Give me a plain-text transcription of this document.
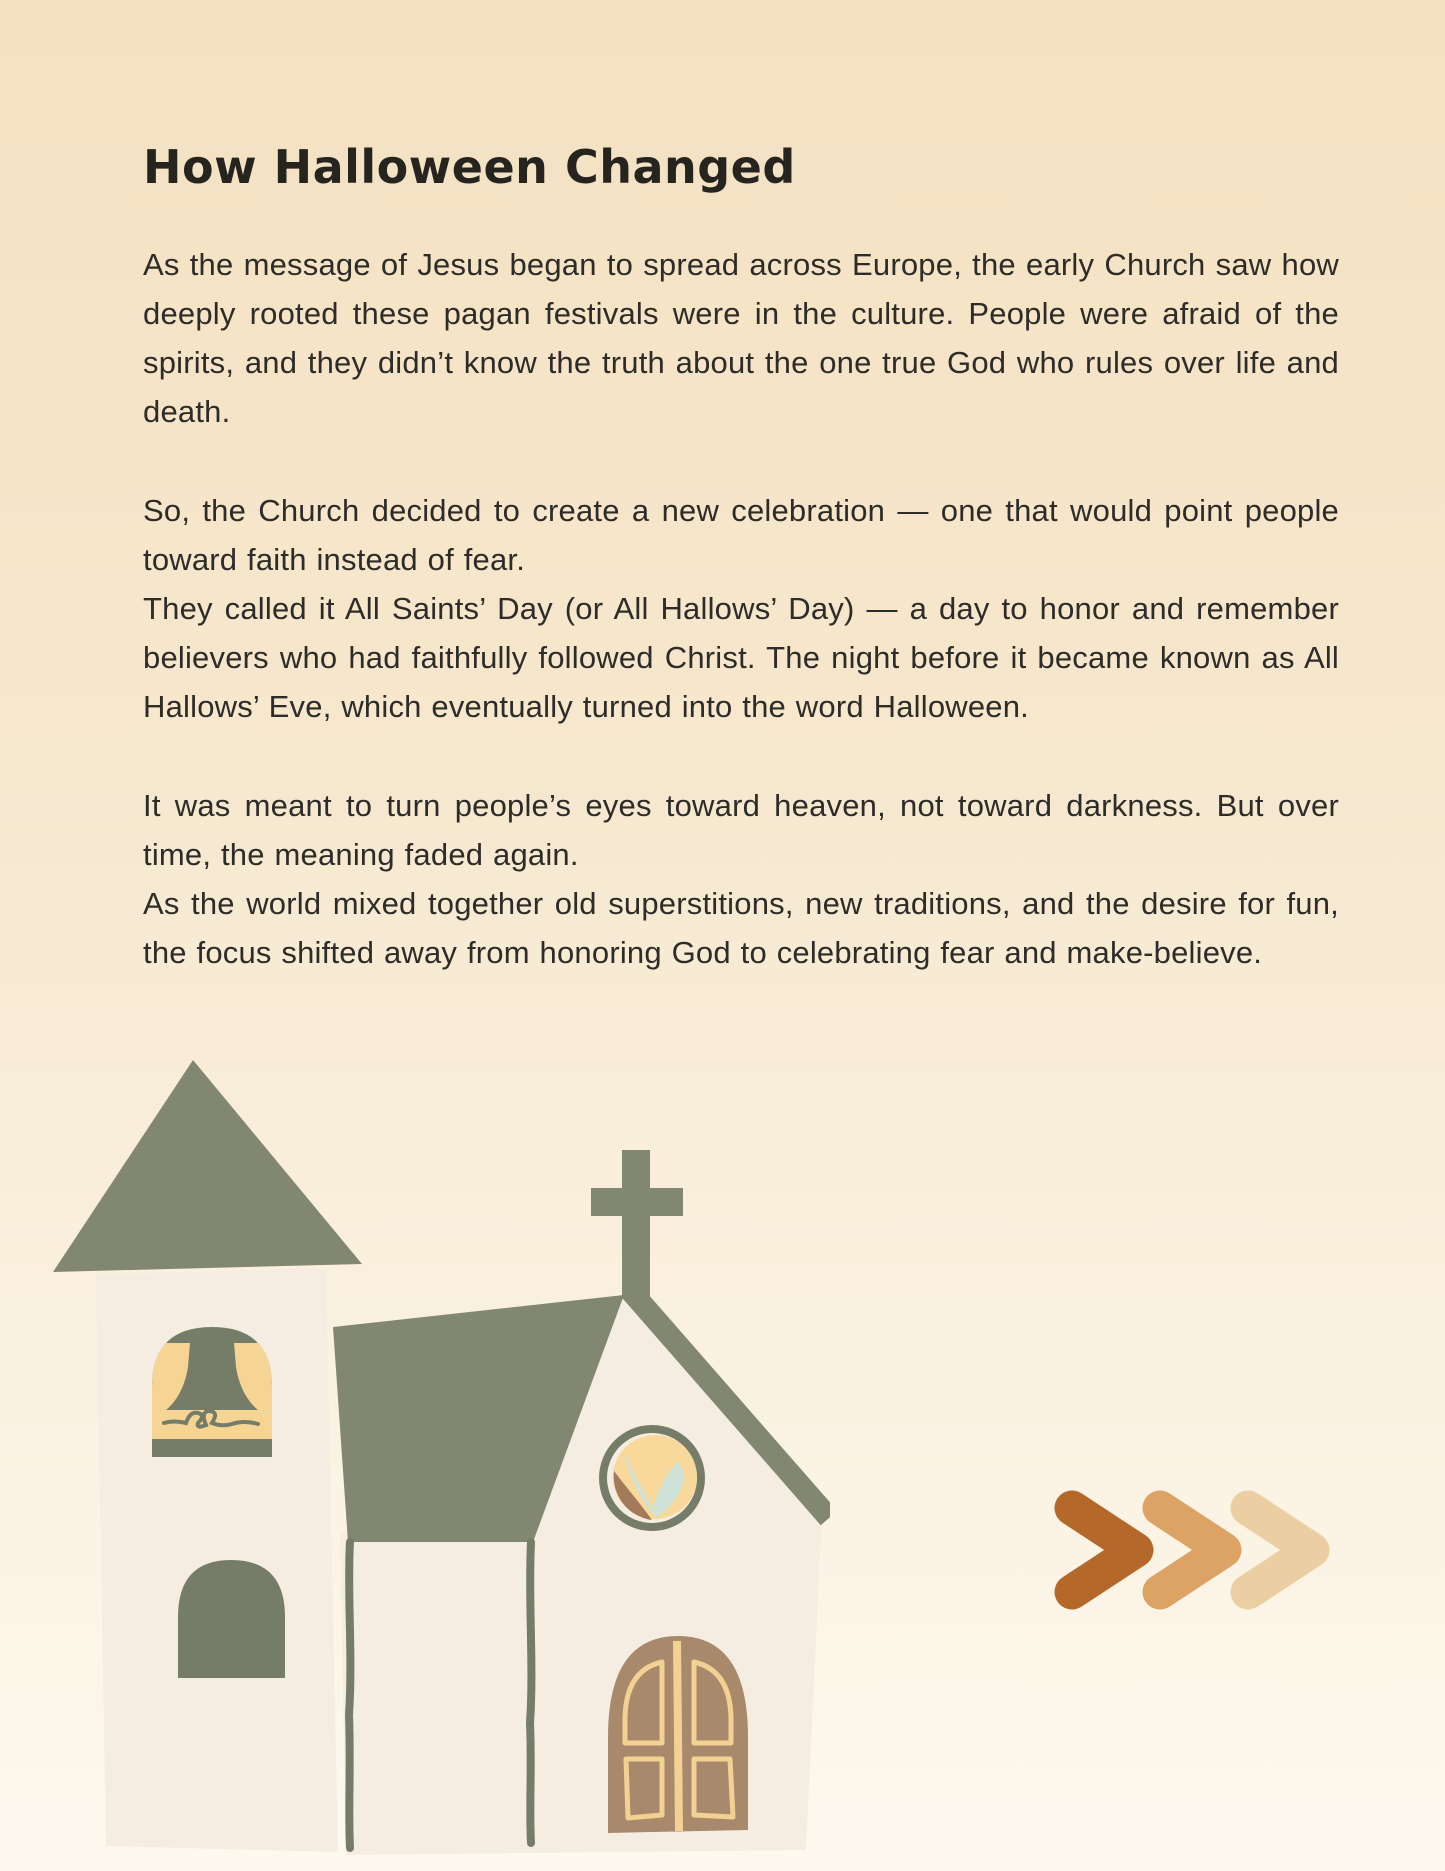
How Halloween Changed

As the message of Jesus began to spread across Europe, the early Church saw how deeply rooted these pagan festivals were in the culture. People were afraid of the spirits, and they didn’t know the truth about the one true God who rules over life and death.

So, the Church decided to create a new celebration — one that would point people toward faith instead of fear.

They called it All Saints’ Day (or All Hallows’ Day) — a day to honor and remember believers who had faithfully followed Christ. The night before it became known as All Hallows’ Eve, which eventually turned into the word Halloween.

It was meant to turn people’s eyes toward heaven, not toward darkness. But over time, the meaning faded again.

As the world mixed together old superstitions, new traditions, and the desire for fun, the focus shifted away from honoring God to celebrating fear and make-believe.
